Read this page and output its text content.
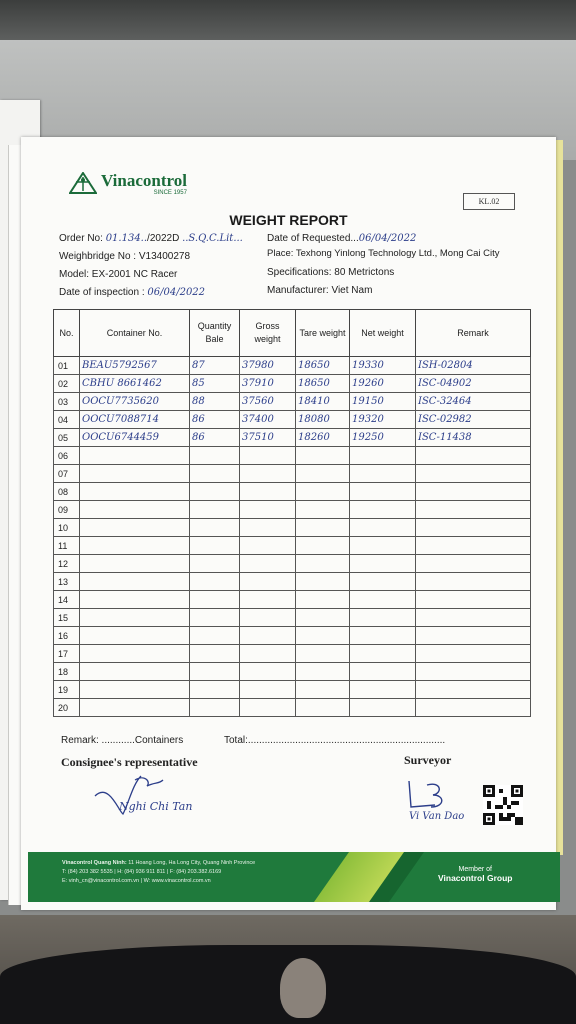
Vinacontrol
SINCE 1957
KL.02
WEIGHT REPORT
Order No: 01.134../2022D ..S.Q.C.Lit... Date of Requested...06/04/2022
Weighbridge No : V13400278	Place: Texhong Yinlong Technology Ltd., Mong Cai City
Model: EX-2001 NC Racer	Specifications: 80 Metrictons
Date of inspection : 06/04/2022	Manufacturer: Viet Nam
No.	Container No.	Quantity Bale	Gross weight	Tare weight	Net weight	Remark
01	BEAU5792567	87	37980	18650	19330	ISH-02804
02	CBHU 8661462	85	37910	18650	19260	ISC-04902
03	OOCU7735620	88	37560	18410	19150	ISC-32464
04	OOCU7088714	86	37400	18080	19320	ISC-02982
05	OOCU6744459	86	37510	18260	19250	ISC-11438
06						
07						
08						
09						
10						
11						
12						
13						
14						
15						
16						
17						
18						
19						
20						
Remark: ............Containers	Total:.......................................................................
Consignee's representative	Surveyor
Nghi Chi Tan
Vi Van Dao
Vinacontrol Quang Ninh: 11 Hoang Long, Ha Long City, Quang Ninh Province
T: (84) 203 382 5535 | H: (84) 936 911 811 | F: (84) 203.382.6169
E: vinh_cn@vinacontrol.com.vn | W: www.vinacontrol.com.vn
Member of
Vinacontrol Group
